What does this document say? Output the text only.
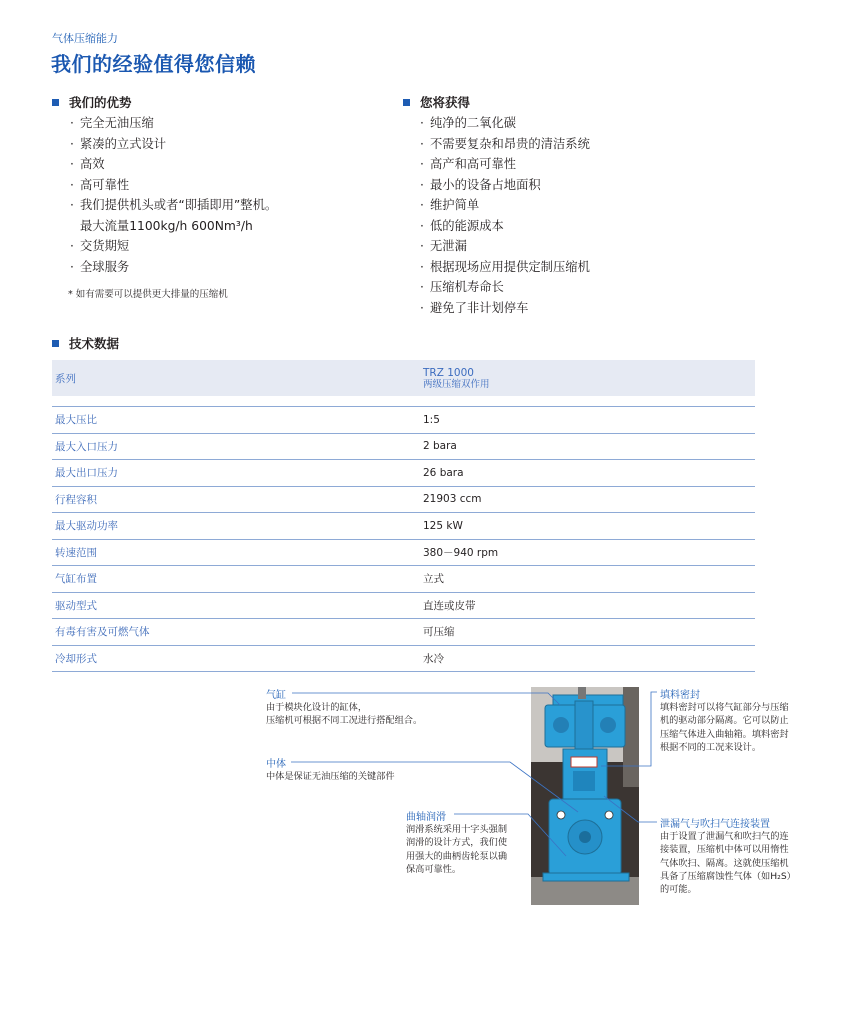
气体压缩能力
我们的经验值得您信赖
我们的优势
· 完全无油压缩
· 紧凑的立式设计
· 高效
· 高可靠性
· 我们提供机头或者“即插即用”整机。
最大流量1100kg/h 600Nm³/h
· 交货期短
· 全球服务
* 如有需要可以提供更大排量的压缩机
您将获得
· 纯净的二氧化碳
· 不需要复杂和昂贵的清洁系统
· 高产和高可靠性
· 最小的设备占地面积
· 维护简单
· 低的能源成本
· 无泄漏
· 根据现场应用提供定制压缩机
· 压缩机寿命长
· 避免了非计划停车
技术数据
系列	TRZ 1000
两级压缩双作用

最大压比	1:5
最大入口压力	2 bara
最大出口压力	26 bara
行程容积	21903 ccm
最大驱动功率	125 kW
转速范围	380－940 rpm
气缸布置	立式
驱动型式	直连或皮带
有毒有害及可燃气体	可压缩
冷却形式	水冷
气缸
由于模块化设计的缸体，
压缩机可根据不同工况进行搭配组合。
中体
中体是保证无油压缩的关键部件
曲轴润滑
润滑系统采用十字头强制
润滑的设计方式，我们使
用强大的曲柄齿轮泵以确
保高可靠性。
填料密封
填料密封可以将气缸部分与压缩
机的驱动部分隔离。它可以防止
压缩气体进入曲轴箱。填料密封
根据不同的工况来设计。
泄漏气与吹扫气连接装置
由于设置了泄漏气和吹扫气的连
接装置，压缩机中体可以用惰性
气体吹扫、隔离。这就使压缩机
具备了压缩腐蚀性气体（如H₂S）
的可能。
